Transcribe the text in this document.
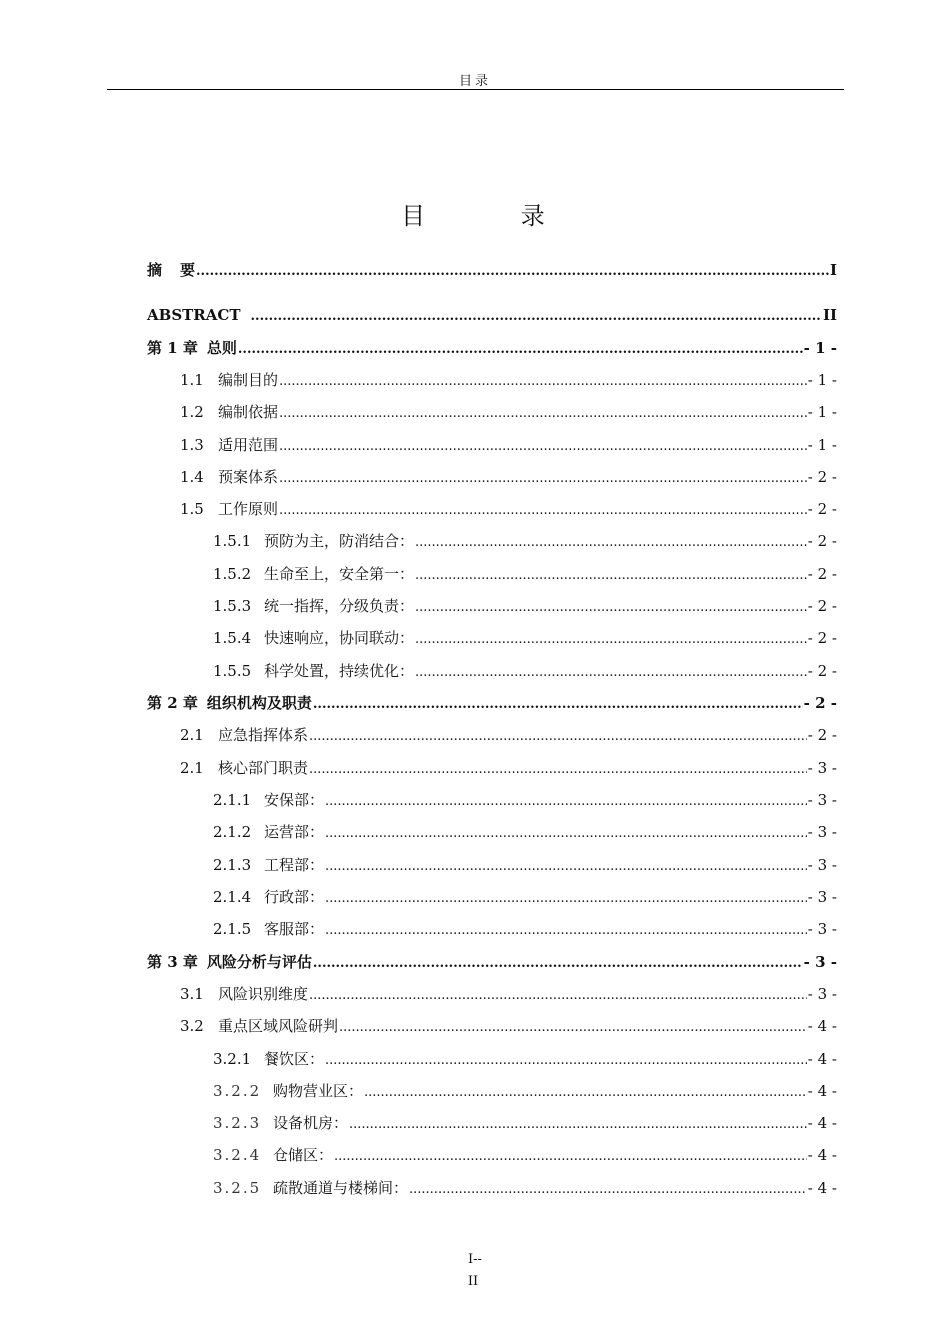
目录
目 录
摘 要 .....	I
ABSTRACT .....	II
第 1 章 总则 .....	- 1 -
1.1 编制目的 .....	- 1 -
1.2 编制依据 .....	- 1 -
1.3 适用范围 .....	- 1 -
1.4 预案体系 .....	- 2 -
1.5 工作原则 .....	- 2 -
1.5.1 预防为主，防消结合： .....	- 2 -
1.5.2 生命至上，安全第一： .....	- 2 -
1.5.3 统一指挥，分级负责： .....	- 2 -
1.5.4 快速响应，协同联动： .....	- 2 -
1.5.5 科学处置，持续优化： .....	- 2 -
第 2 章 组织机构及职责 .....	- 2 -
2.1 应急指挥体系 .....	- 2 -
2.1 核心部门职责 .....	- 3 -
2.1.1 安保部： .....	- 3 -
2.1.2 运营部： .....	- 3 -
2.1.3 工程部： .....	- 3 -
2.1.4 行政部： .....	- 3 -
2.1.5 客服部： .....	- 3 -
第 3 章 风险分析与评估 .....	- 3 -
3.1 风险识别维度 .....	- 3 -
3.2 重点区域风险研判 .....	- 4 -
3.2.1 餐饮区： .....	- 4 -
3.2.2 购物营业区： .....	- 4 -
3.2.3 设备机房： .....	- 4 -
3.2.4 仓储区： .....	- 4 -
3.2.5 疏散通道与楼梯间： .....	- 4 -
I--
II
